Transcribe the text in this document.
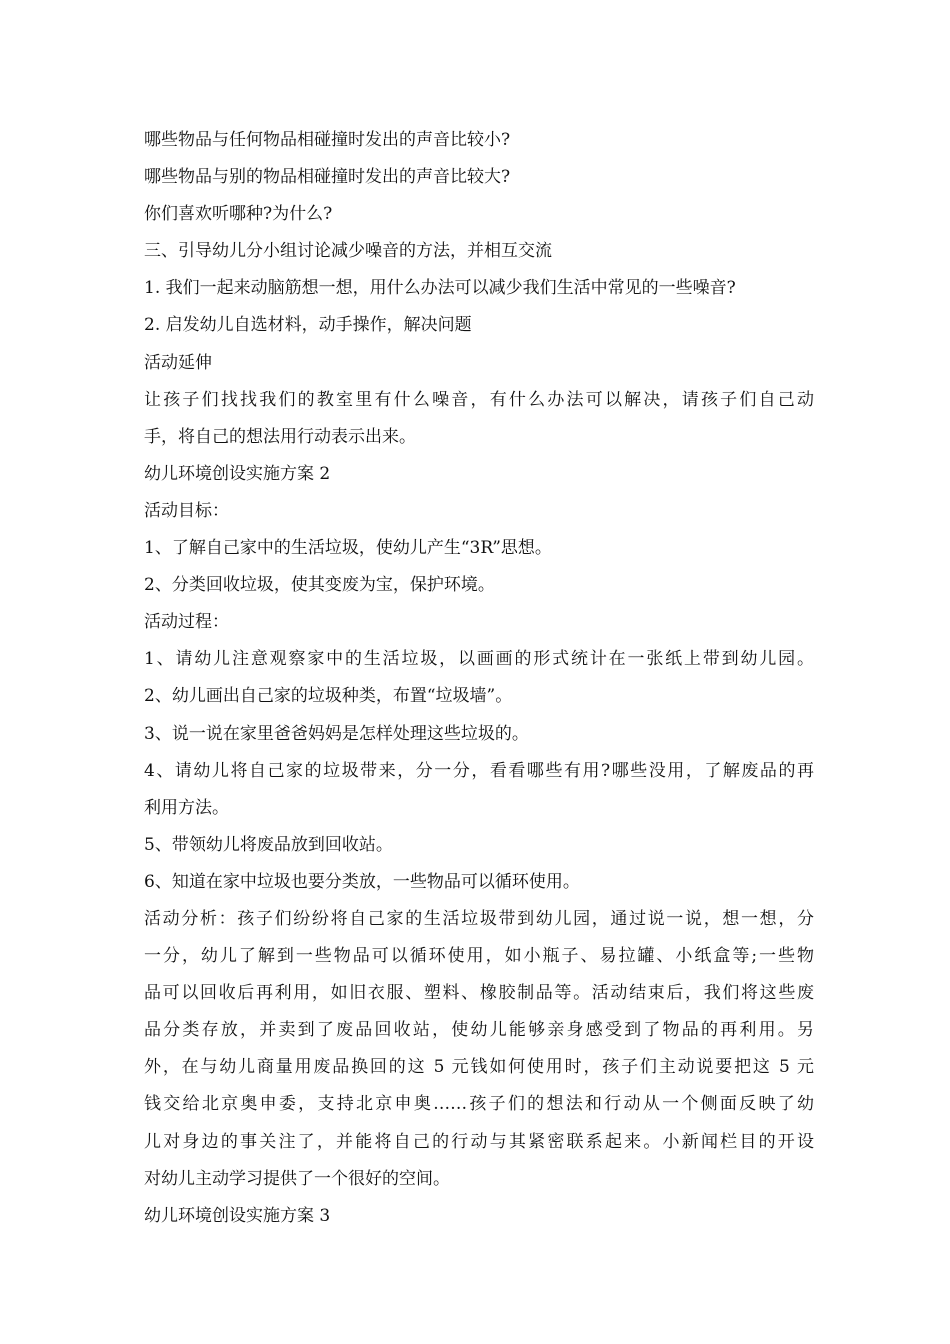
哪些物品与任何物品相碰撞时发出的声音比较小?
哪些物品与别的物品相碰撞时发出的声音比较大?
你们喜欢听哪种?为什么?
三、引导幼儿分小组讨论减少噪音的方法，并相互交流
1. 我们一起来动脑筋想一想，用什么办法可以减少我们生活中常见的一些噪音?
2. 启发幼儿自选材料，动手操作，解决问题
活动延伸
让孩子们找找我们的教室里有什么噪音，有什么办法可以解决，请孩子们自己动
手，将自己的想法用行动表示出来。
幼儿环境创设实施方案 2
活动目标：
1、了解自己家中的生活垃圾，使幼儿产生“3R”思想。
2、分类回收垃圾，使其变废为宝，保护环境。
活动过程：
1、请幼儿注意观察家中的生活垃圾，以画画的形式统计在一张纸上带到幼儿园。
2、幼儿画出自己家的垃圾种类，布置“垃圾墙”。
3、说一说在家里爸爸妈妈是怎样处理这些垃圾的。
4、请幼儿将自己家的垃圾带来，分一分，看看哪些有用?哪些没用，了解废品的再
利用方法。
5、带领幼儿将废品放到回收站。
6、知道在家中垃圾也要分类放，一些物品可以循环使用。
活动分析：孩子们纷纷将自己家的生活垃圾带到幼儿园，通过说一说，想一想，分
一分，幼儿了解到一些物品可以循环使用，如小瓶子、易拉罐、小纸盒等;一些物
品可以回收后再利用，如旧衣服、塑料、橡胶制品等。活动结束后，我们将这些废
品分类存放，并卖到了废品回收站，使幼儿能够亲身感受到了物品的再利用。另
外，在与幼儿商量用废品换回的这 5 元钱如何使用时，孩子们主动说要把这 5 元
钱交给北京奥申委，支持北京申奥……孩子们的想法和行动从一个侧面反映了幼
儿对身边的事关注了，并能将自己的行动与其紧密联系起来。小新闻栏目的开设
对幼儿主动学习提供了一个很好的空间。
幼儿环境创设实施方案 3
